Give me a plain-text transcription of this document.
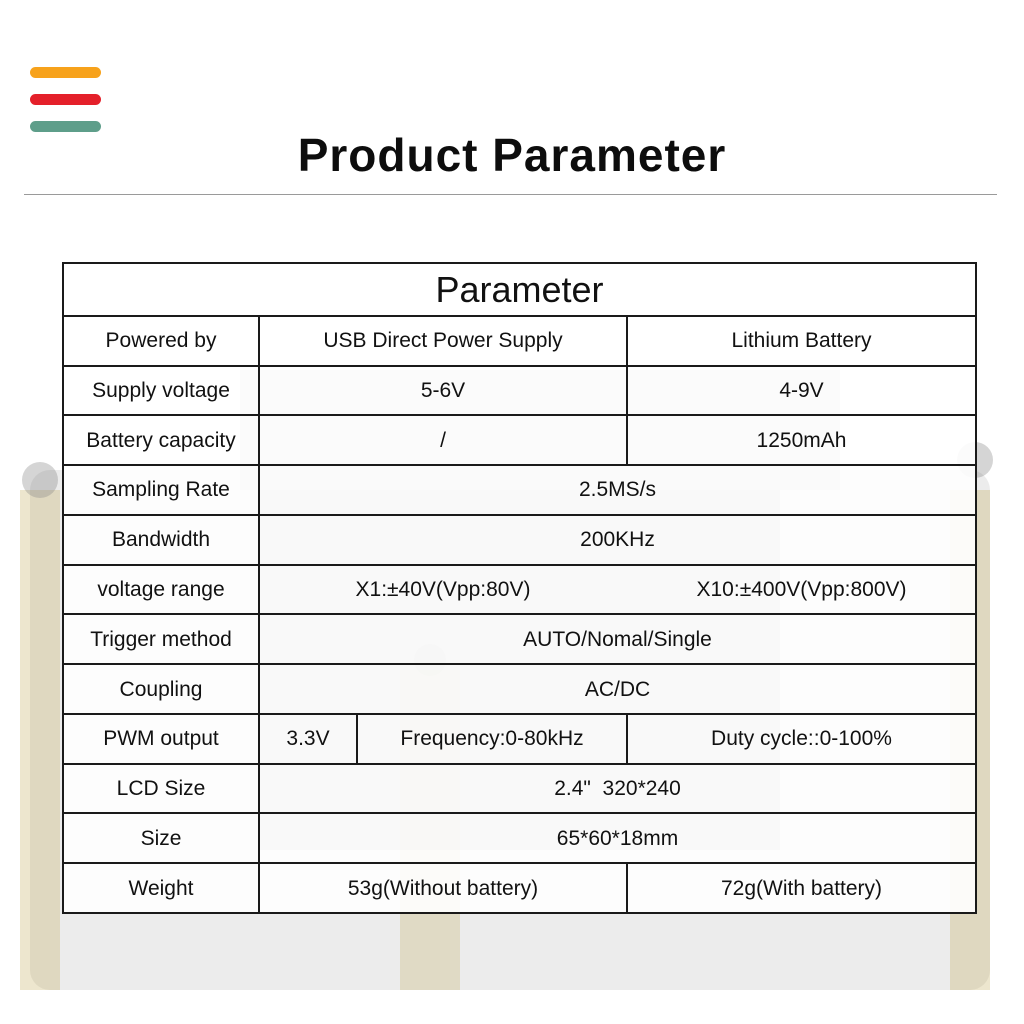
Product Parameter
Parameter			
Powered by	USB Direct Power Supply		Lithium Battery
Supply voltage	5-6V		4-9V
Battery capacity	/		1250mAh
Sampling Rate	2.5MS/s		
Bandwidth	200KHz		
voltage range	X1:±40V(Vpp:80V)		X10:±400V(Vpp:800V)
Trigger method	AUTO/Nomal/Single		
Coupling	AC/DC		
PWM output	3.3V	Frequency:0-80kHz	Duty cycle::0-100%
LCD Size	2.4"  320*240		
Size	65*60*18mm		
Weight	53g(Without battery)		72g(With battery)
